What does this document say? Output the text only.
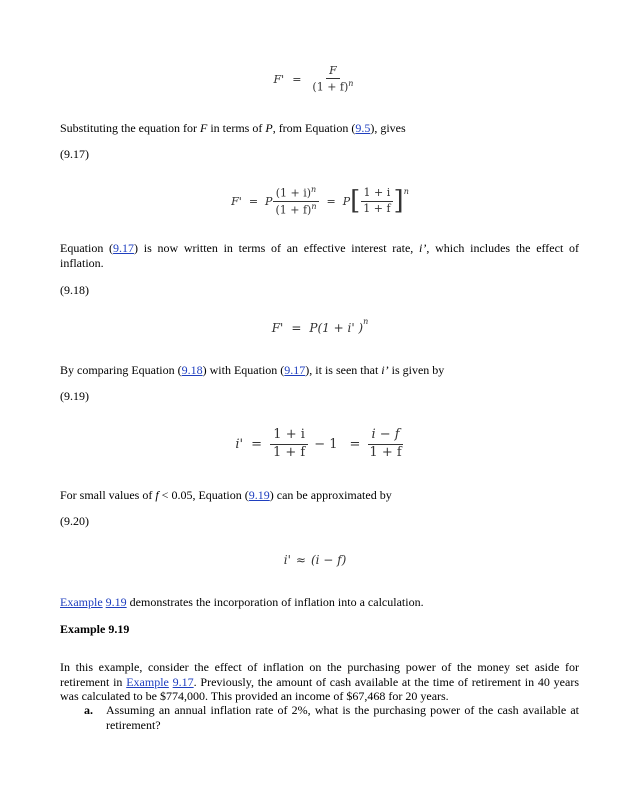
$F' = \frac{F}{(1 + f)^n}$
Substituting the equation for F in terms of P, from Equation (9.5), gives
(9.17)
F' = P $\frac{(1 + i)^n}{(1 + f)^n} = P$ [ $\frac{1 + i}{1 + f} ]^n$
Equation (9.17) is now written in terms of an effective interest rate, i’, which includes the effect of inflation.
(9.18)
F' = P(1 + i' )$^n$
By comparing Equation (9.18) with Equation (9.17), it is seen that i’ is given by
(9.19)
$i' = \frac{1 + i}{1 + f} - 1 = \frac{i - f}{1 + f}$
For small values of f < 0.05, Equation (9.19) can be approximated by
(9.20)
i' ≈ (i − f)
Example 9.19 demonstrates the incorporation of inflation into a calculation.
Example 9.19
In this example, consider the effect of inflation on the purchasing power of the money set aside for retirement in Example 9.17. Previously, the amount of cash available at the time of retirement in 40 years was calculated to be $774,000. This provided an income of $67,468 for 20 years.
a. Assuming an annual inflation rate of 2%, what is the purchasing power of the cash available at retirement?
